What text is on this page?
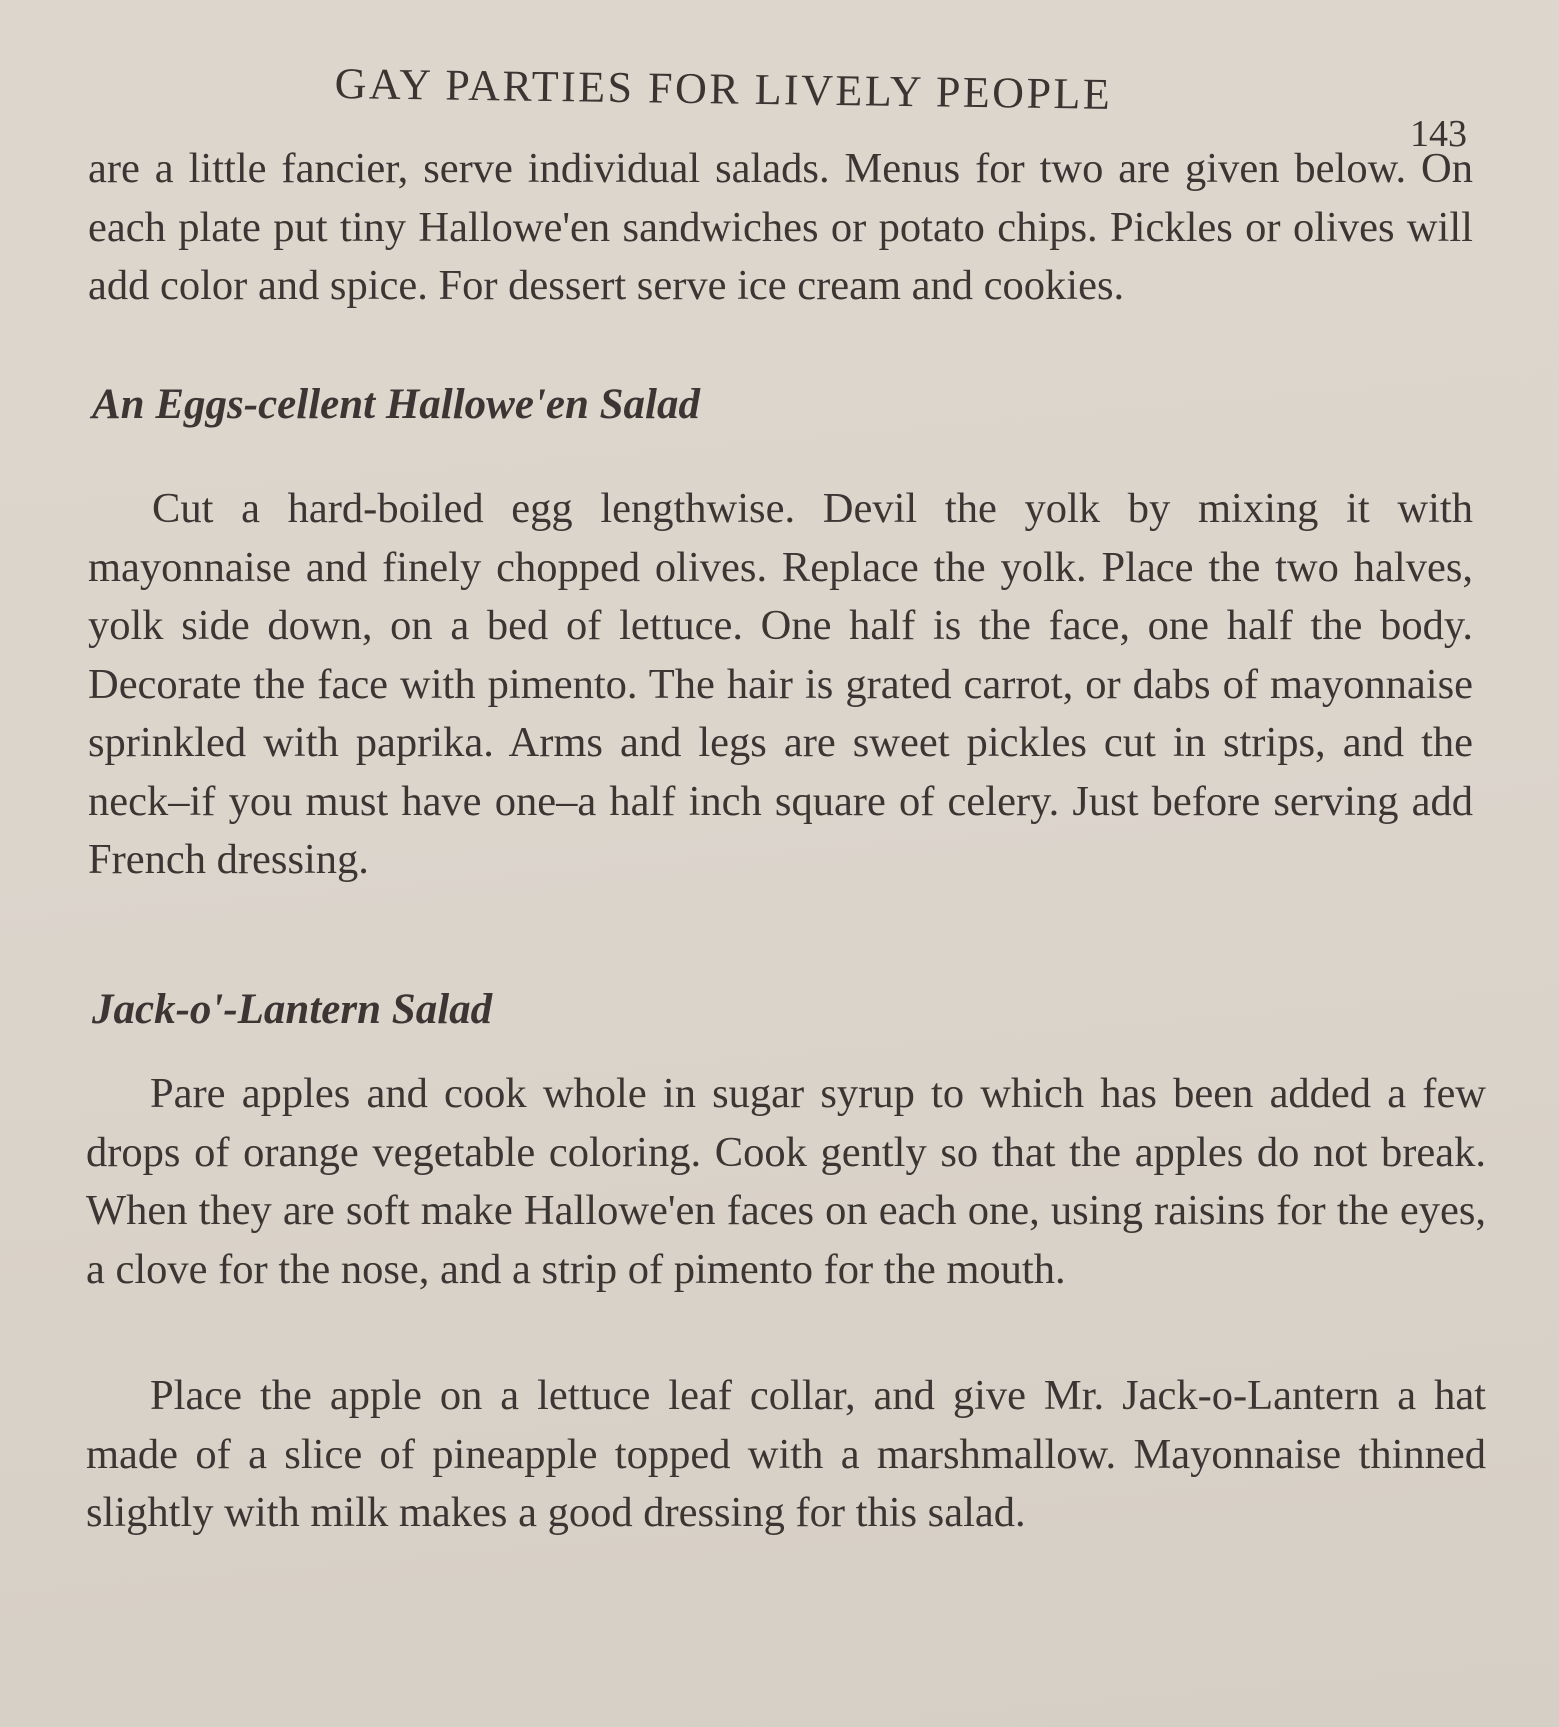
GAY PARTIES FOR LIVELY PEOPLE
143

are a little fancier, serve individual salads. Menus for two are given below. On each plate put tiny Hallowe'en sandwiches or potato chips. Pickles or olives will add color and spice. For dessert serve ice cream and cookies.

An Eggs-cellent Hallowe'en Salad

Cut a hard-boiled egg lengthwise. Devil the yolk by mixing it with mayonnaise and finely chopped olives. Replace the yolk. Place the two halves, yolk side down, on a bed of lettuce. One half is the face, one half the body. Decorate the face with pimento. The hair is grated carrot, or dabs of mayonnaise sprinkled with paprika. Arms and legs are sweet pickles cut in strips, and the neck–if you must have one–a half inch square of celery. Just before serving add French dressing.

Jack-o'-Lantern Salad

Pare apples and cook whole in sugar syrup to which has been added a few drops of orange vegetable coloring. Cook gently so that the apples do not break. When they are soft make Hallowe'en faces on each one, using raisins for the eyes, a clove for the nose, and a strip of pimento for the mouth.

Place the apple on a lettuce leaf collar, and give Mr. Jack-o-Lantern a hat made of a slice of pineapple topped with a marshmallow. Mayonnaise thinned slightly with milk makes a good dressing for this salad.
